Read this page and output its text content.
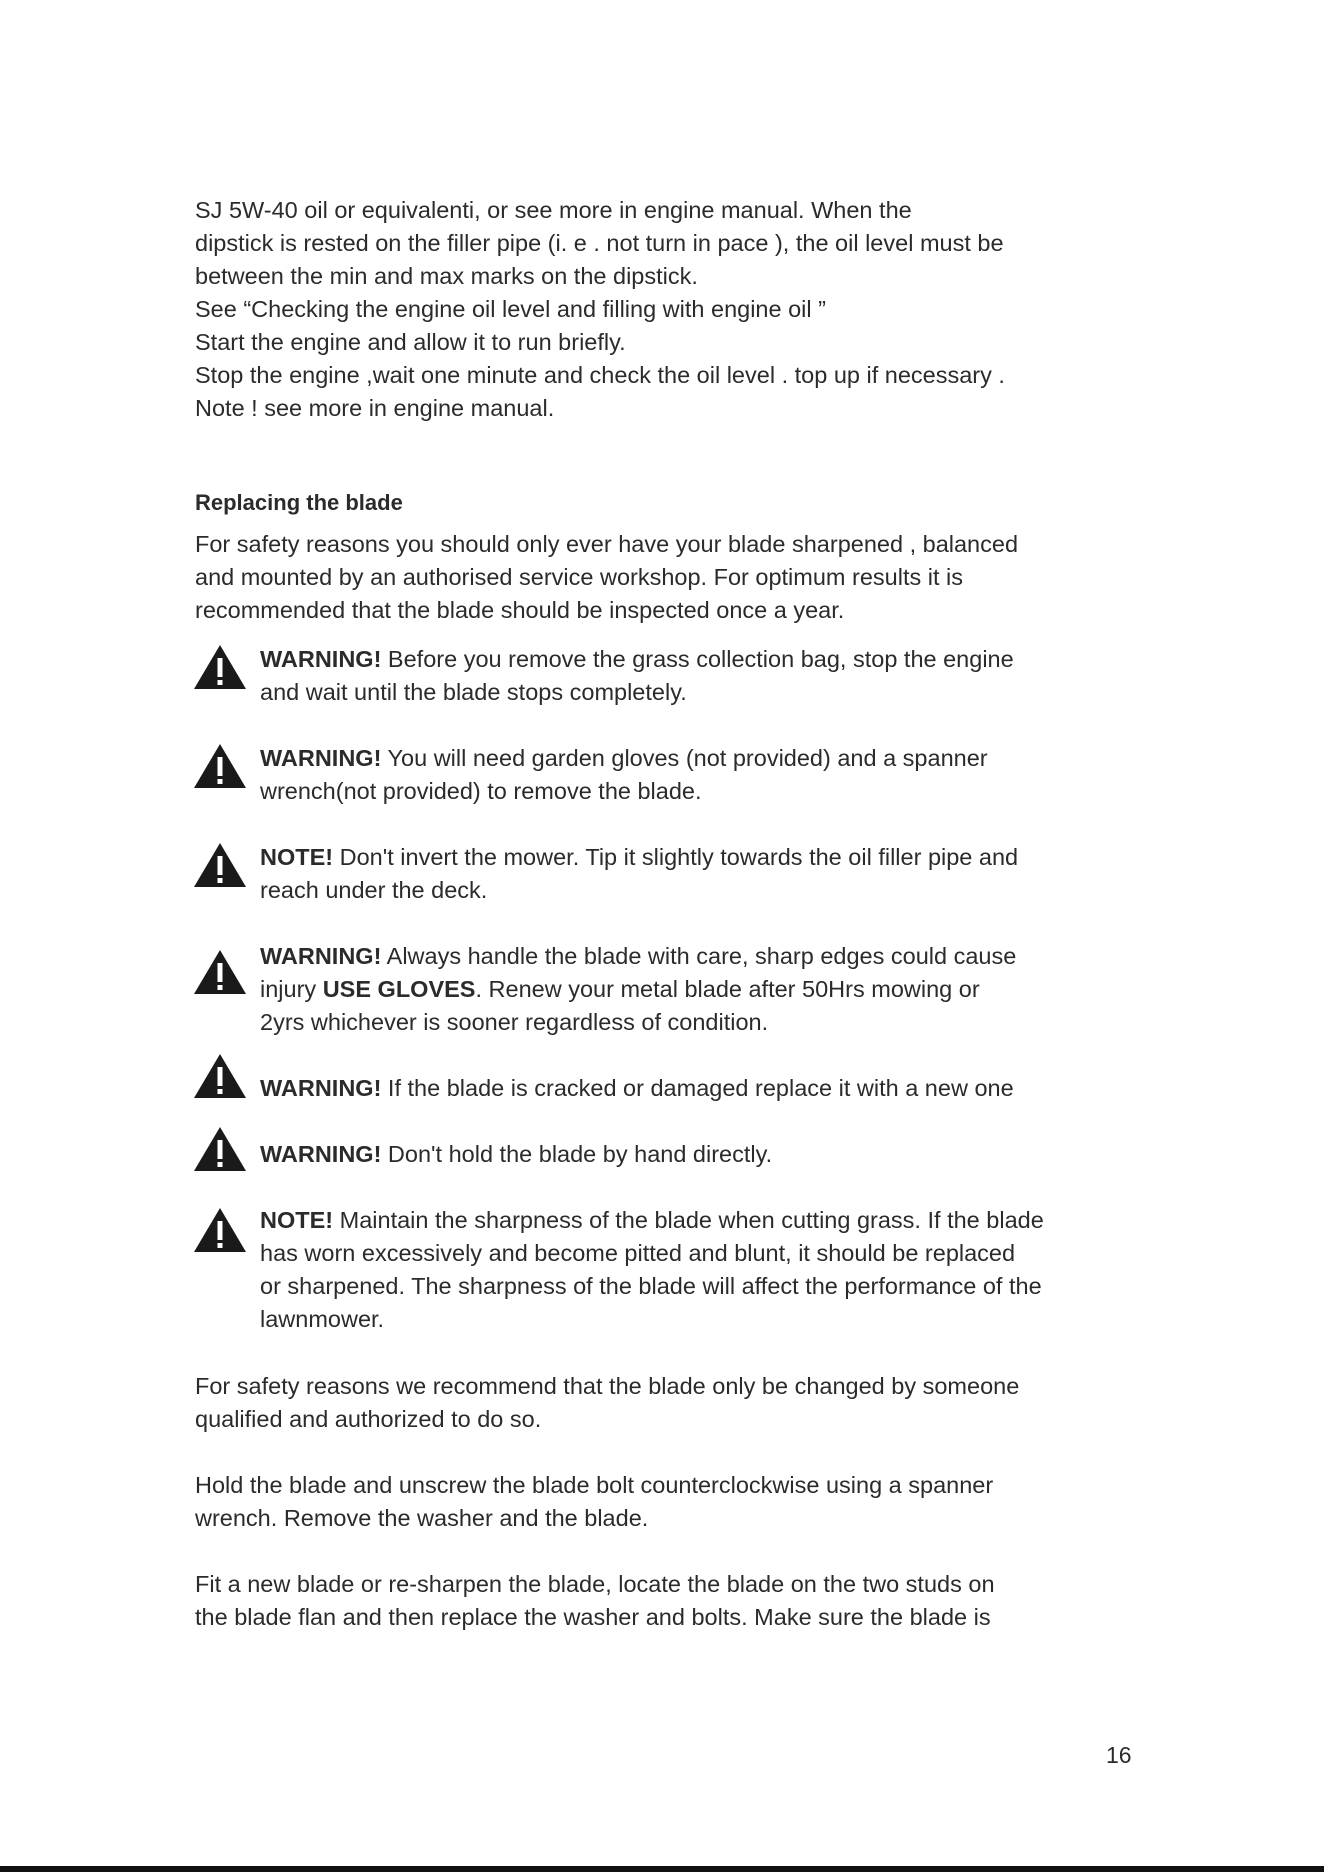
SJ 5W-40 oil or equivalenti, or see more in engine manual. When the
dipstick is rested on the filler pipe (i. e . not turn in pace ), the oil level must be
between the min and max marks on the dipstick.
See “Checking the engine oil level and filling with engine oil ”
Start the engine and allow it to run briefly.
Stop the engine ,wait one minute and check the oil level . top up if necessary .
Note ! see more in engine manual.
Replacing the blade
For safety reasons you should only ever have your blade sharpened , balanced
and mounted by an authorised service workshop. For optimum results it is
recommended that the blade should be inspected once a year.
WARNING! Before you remove the grass collection bag, stop the engine
and wait until the blade stops completely.
WARNING! You will need garden gloves (not provided) and a spanner
wrench(not provided) to remove the blade.
NOTE! Don't invert the mower. Tip it slightly towards the oil filler pipe and
reach under the deck.
WARNING! Always handle the blade with care, sharp edges could cause
injury USE GLOVES. Renew your metal blade after 50Hrs mowing or
2yrs whichever is sooner regardless of condition.
WARNING! If the blade is cracked or damaged replace it with a new one
WARNING! Don't hold the blade by hand directly.
NOTE! Maintain the sharpness of the blade when cutting grass. If the blade
has worn excessively and become pitted and blunt, it should be replaced
or sharpened. The sharpness of the blade will affect the performance of the
lawnmower.
For safety reasons we recommend that the blade only be changed by someone
qualified and authorized to do so.
Hold the blade and unscrew the blade bolt counterclockwise using a spanner
wrench. Remove the washer and the blade.
Fit a new blade or re-sharpen the blade, locate the blade on the two studs on
the blade flan and then replace the washer and bolts. Make sure the blade is
16
